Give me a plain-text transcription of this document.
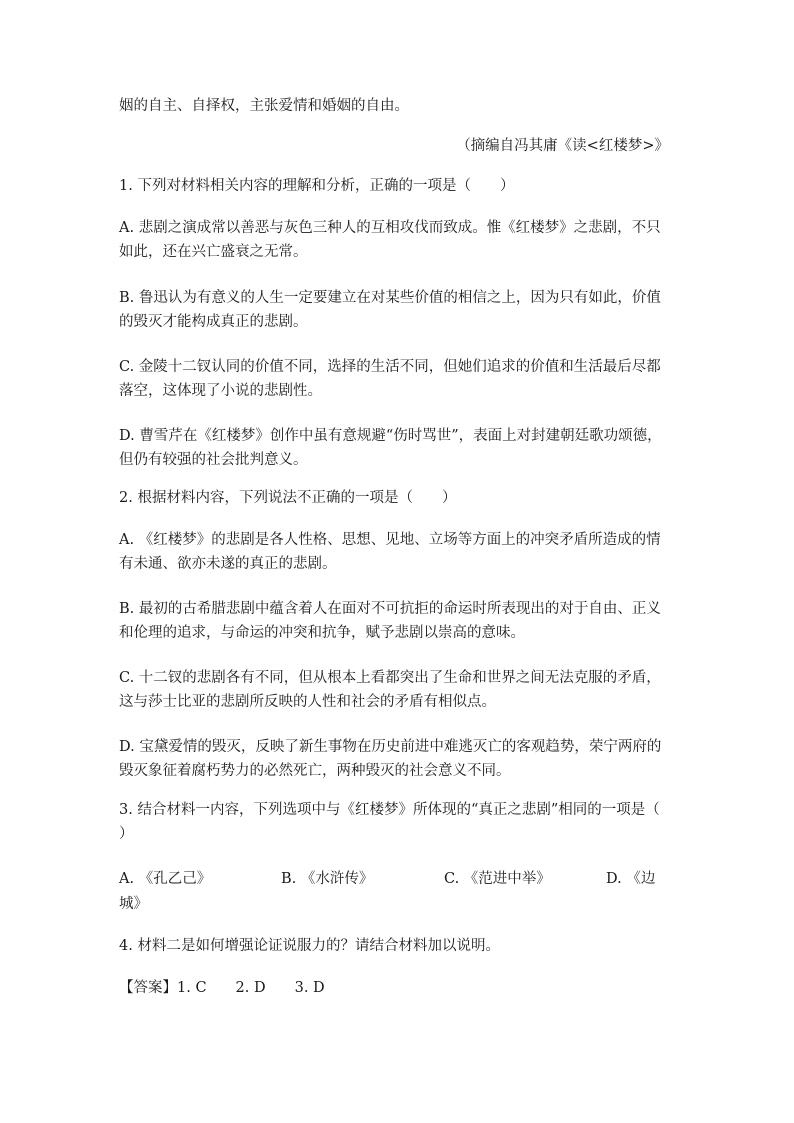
姻的自主、自择权，主张爱情和婚姻的自由。

（摘编自冯其庸《读<红楼梦>》

1. 下列对材料相关内容的理解和分析，正确的一项是（　　）

A. 悲剧之演成常以善恶与灰色三种人的互相攻伐而致成。惟《红楼梦》之悲剧，不只如此，还在兴亡盛衰之无常。

B. 鲁迅认为有意义的人生一定要建立在对某些价值的相信之上，因为只有如此，价值的毁灭才能构成真正的悲剧。

C. 金陵十二钗认同的价值不同，选择的生活不同，但她们追求的价值和生活最后尽都落空，这体现了小说的悲剧性。

D. 曹雪芹在《红楼梦》创作中虽有意规避“伤时骂世”，表面上对封建朝廷歌功颂德，但仍有较强的社会批判意义。

2. 根据材料内容，下列说法不正确的一项是（　　）

A. 《红楼梦》的悲剧是各人性格、思想、见地、立场等方面上的冲突矛盾所造成的情有未通、欲亦未遂的真正的悲剧。

B. 最初的古希腊悲剧中蕴含着人在面对不可抗拒的命运时所表现出的对于自由、正义和伦理的追求，与命运的冲突和抗争，赋予悲剧以崇高的意味。

C. 十二钗的悲剧各有不同，但从根本上看都突出了生命和世界之间无法克服的矛盾，这与莎士比亚的悲剧所反映的人性和社会的矛盾有相似点。

D. 宝黛爱情的毁灭，反映了新生事物在历史前进中难逃灭亡的客观趋势，荣宁两府的毁灭象征着腐朽势力的必然死亡，两种毁灭的社会意义不同。

3. 结合材料一内容，下列选项中与《红楼梦》所体现的“真正之悲剧”相同的一项是（　　）

A. 《孔乙己》	B. 《水浒传》	C. 《范进中举》	D. 《边

城》

4. 材料二是如何增强论证说服力的？请结合材料加以说明。

【答案】1. C　　2. D　　3. D
